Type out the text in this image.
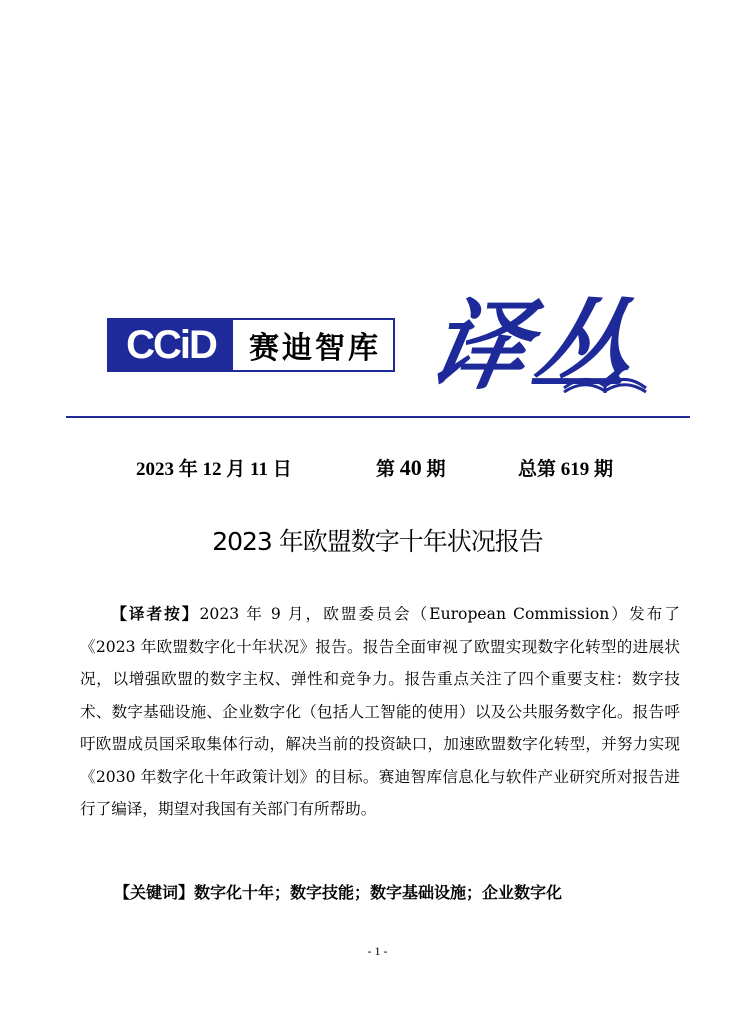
CCiD	赛迪智库 译丛
2023 年 12 月 11 日	第 40 期	总第 619 期
2023 年欧盟数字十年状况报告
【译者按】2023 年 9 月，欧盟委员会（European Commission）发布了《2023 年欧盟数字化十年状况》报告。报告全面审视了欧盟实现数字化转型的进展状况，以增强欧盟的数字主权、弹性和竞争力。报告重点关注了四个重要支柱：数字技术、数字基础设施、企业数字化（包括人工智能的使用）以及公共服务数字化。报告呼吁欧盟成员国采取集体行动，解决当前的投资缺口，加速欧盟数字化转型，并努力实现《2030 年数字化十年政策计划》的目标。赛迪智库信息化与软件产业研究所对报告进行了编译，期望对我国有关部门有所帮助。
【关键词】数字化十年；数字技能；数字基础设施；企业数字化
- 1 -
